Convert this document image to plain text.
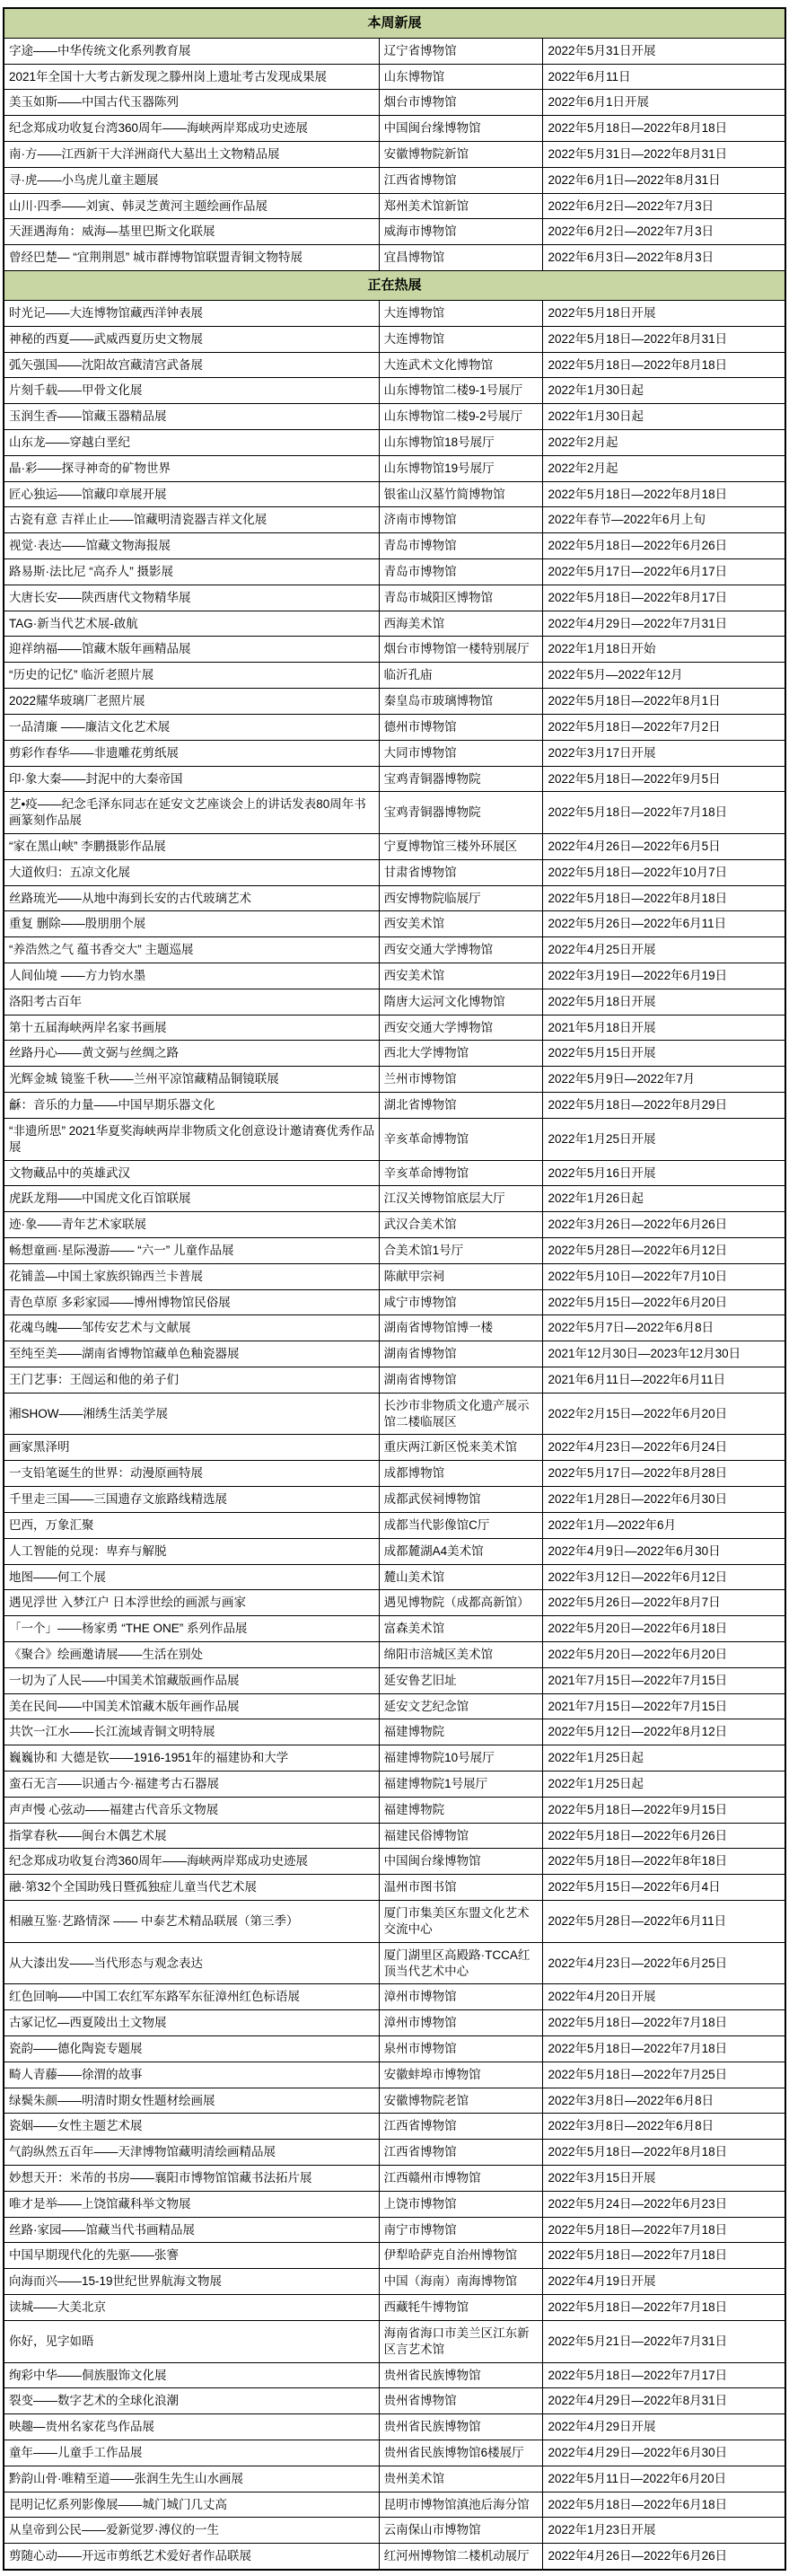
本周新展		
字途——中华传统文化系列教育展	辽宁省博物馆	2022年5月31日开展
2021年全国十大考古新发现之滕州岗上遗址考古发现成果展	山东博物馆	2022年6月11日
美玉如斯——中国古代玉器陈列	烟台市博物馆	2022年6月1日开展
纪念郑成功收复台湾360周年——海峡两岸郑成功史迹展	中国闽台缘博物馆	2022年5月18日—2022年8月18日
南·方——江西新干大洋洲商代大墓出土文物精品展	安徽博物院新馆	2022年5月31日—2022年8月31日
寻·虎——小鸟虎儿童主题展	江西省博物馆	2022年6月1日—2022年8月31日
山川·四季——刘寅、韩灵芝黄河主题绘画作品展	郑州美术馆新馆	2022年6月2日—2022年7月3日
天涯遇海角：威海—基里巴斯文化联展	威海市博物馆	2022年6月2日—2022年7月3日
曾经巴楚— “宜荆荆恩” 城市群博物馆联盟青铜文物特展	宜昌博物馆	2022年6月3日—2022年8月3日
正在热展		
时光记——大连博物馆藏西洋钟表展	大连博物馆	2022年5月18日开展
神秘的西夏——武威西夏历史文物展	大连博物馆	2022年5月18日—2022年8月31日
弧矢强国——沈阳故宫藏清宫武备展	大连武术文化博物馆	2022年5月18日—2022年8月18日
片刻千载——甲骨文化展	山东博物馆二楼9-1号展厅	2022年1月30日起
玉润生香——馆藏玉器精品展	山东博物馆二楼9-2号展厅	2022年1月30日起
山东龙——穿越白垩纪	山东博物馆18号展厅	2022年2月起
晶·彩——探寻神奇的矿物世界	山东博物馆19号展厅	2022年2月起
匠心独运——馆藏印章展开展	银雀山汉墓竹简博物馆	2022年5月18日—2022年8月18日
古瓷有意 吉祥止止——馆藏明清瓷器吉祥文化展	济南市博物馆	2022年春节—2022年6月上旬
视觉·表达——馆藏文物海报展	青岛市博物馆	2022年5月18日—2022年6月26日
路易斯·法比尼 “高乔人” 摄影展	青岛市博物馆	2022年5月17日—2022年6月17日
大唐长安——陕西唐代文物精华展	青岛市城阳区博物馆	2022年5月18日—2022年8月17日
TAG·新当代艺术展-啟航	西海美术馆	2022年4月29日—2022年7月31日
迎祥纳福——馆藏木版年画精品展	烟台市博物馆一楼特别展厅	2022年1月18日开始
“历史的记忆” 临沂老照片展	临沂孔庙	2022年5月—2022年12月
2022耀华玻璃厂老照片展	秦皇岛市玻璃博物馆	2022年5月18日—2022年8月1日
一品清廉 ——廉洁文化艺术展	德州市博物馆	2022年5月18日—2022年7月2日
剪彩作春华——非遗雕花剪纸展	大同市博物馆	2022年3月17日开展
印·象大秦——封泥中的大秦帝国	宝鸡青铜器博物院	2022年5月18日—2022年9月5日
艺•疫——纪念毛泽东同志在延安文艺座谈会上的讲话发表80周年书画篆刻作品展	宝鸡青铜器博物院	2022年5月18日—2022年7月18日
“家在黑山峡” 李鹏摄影作品展	宁夏博物馆三楼外环展区	2022年4月26日—2022年6月5日
大道攸归：五凉文化展	甘肃省博物馆	2022年5月18日—2022年10月7日
丝路琉光——从地中海到长安的古代玻璃艺术	西安博物院临展厅	2022年5月18日—2022年8月18日
重复 删除——殷朋朋个展	西安美术馆	2022年5月26日—2022年6月11日
“养浩然之气 蕴书香交大” 主题巡展	西安交通大学博物馆	2022年4月25日开展
人间仙境 ——方力钧水墨	西安美术馆	2022年3月19日—2022年6月19日
洛阳考古百年	隋唐大运河文化博物馆	2022年5月18日开展
第十五届海峡两岸名家书画展	西安交通大学博物馆	2021年5月18日开展
丝路丹心——黄文弼与丝绸之路	西北大学博物馆	2022年5月15日开展
光辉金城 镜鉴千秋——兰州平凉馆藏精品铜镜联展	兰州市博物馆	2022年5月9日—2022年7月
龢：音乐的力量——中国早期乐器文化	湖北省博物馆	2022年5月18日—2022年8月29日
“非遗所思” 2021华夏奖海峡两岸非物质文化创意设计邀请赛优秀作品展	辛亥革命博物馆	2022年1月25日开展
文物藏品中的英雄武汉	辛亥革命博物馆	2022年5月16日开展
虎跃龙翔——中国虎文化百馆联展	江汉关博物馆底层大厅	2022年1月26日起
迹·象——青年艺术家联展	武汉合美术馆	2022年3月26日—2022年6月26日
畅想童画·星际漫游—— “六一” 儿童作品展	合美术馆1号厅	2022年5月28日—2022年6月12日
花铺盖—中国土家族织锦西兰卡普展	陈献甲宗祠	2022年5月10日—2022年7月10日
青色草原 多彩家园——博州博物馆民俗展	咸宁市博物馆	2022年5月15日—2022年6月20日
花魂鸟魄——邹传安艺术与文献展	湖南省博物馆博一楼	2022年5月7日—2022年6月8日
至纯至美——湖南省博物馆藏单色釉瓷器展	湖南省博物馆	2021年12月30日—2023年12月30日
王门艺事：王闿运和他的弟子们	湖南省博物馆	2021年6月11日—2022年6月11日
湘SHOW——湘绣生活美学展	长沙市非物质文化遗产展示馆二楼临展区	2022年2月15日—2022年6月20日
画家黑泽明	重庆两江新区悦来美术馆	2022年4月23日—2022年6月24日
一支铅笔诞生的世界：动漫原画特展	成都博物馆	2022年5月17日—2022年8月28日
千里走三国——三国遗存文旅路线精选展	成都武侯祠博物馆	2022年1月28日—2022年6月30日
巴西，万象汇聚	成都当代影像馆C厅	2022年1月—2022年6月
人工智能的兑现：卑弃与解脱	成都麓湖A4美术馆	2022年4月9日—2022年6月30日
地图——何工个展	麓山美术馆	2022年3月12日—2022年6月12日
遇见浮世 入梦江户 日本浮世绘的画派与画家	遇见博物院（成都高新馆）	2022年5月26日—2022年8月7日
「一个」——杨家勇 “THE ONE” 系列作品展	富森美术馆	2022年5月20日—2022年6月18日
《聚合》绘画邀请展——生活在别处	绵阳市涪城区美术馆	2022年5月20日—2022年6月20日
一切为了人民——中国美术馆藏版画作品展	延安鲁艺旧址	2021年7月15日—2022年7月15日
美在民间——中国美术馆藏木版年画作品展	延安文艺纪念馆	2021年7月15日—2022年7月15日
共饮一江水——长江流域青铜文明特展	福建博物院	2022年5月12日—2022年8月12日
巍巍协和 大德是钦——1916-1951年的福建协和大学	福建博物院10号展厅	2022年1月25日起
蛮石无言——识通古今·福建考古石器展	福建博物院1号展厅	2022年1月25日起
声声慢 心弦动——福建古代音乐文物展	福建博物院	2022年5月18日—2022年9月15日
指掌春秋——闽台木偶艺术展	福建民俗博物馆	2022年5月18日—2022年6月26日
纪念郑成功收复台湾360周年——海峡两岸郑成功史迹展	中国闽台缘博物馆	2022年5月18日—2022年8年18日
融·第32个全国助残日暨孤独症儿童当代艺术展	温州市图书馆	2022年5月15日—2022年6月4日
相融互鉴·艺路情深 —— 中泰艺术精品联展（第三季）	厦门市集美区东盟文化艺术交流中心	2022年5月28日—2022年6月11日
从大漆出发——当代形态与观念表达	厦门湖里区高殿路·TCCA红顶当代艺术中心	2022年4月23日—2022年6月25日
红色回响——中国工农红军东路军东征漳州红色标语展	漳州市博物馆	2022年4月20日开展
古冢记忆—西夏陵出土文物展	漳州市博物馆	2022年5月18日—2022年7月18日
瓷韵——德化陶瓷专题展	泉州市博物馆	2022年5月18日—2022年7月18日
畸人青藤——徐渭的故事	安徽蚌埠市博物馆	2022年5月18日—2022年7月25日
绿鬓朱颜——明清时期女性题材绘画展	安徽博物院老馆	2022年3月8日—2022年6月8日
瓷姻——女性主题艺术展	江西省博物馆	2022年3月8日—2022年6月8日
气韵纵然五百年——天津博物馆藏明清绘画精品展	江西省博物馆	2022年5月18日—2022年8月18日
妙想天开：米芾的书房——襄阳市博物馆馆藏书法拓片展	江西赣州市博物馆	2022年3月15日开展
唯才是举——上饶馆藏科举文物展	上饶市博物馆	2022年5月24日—2022年6月23日
丝路·家园——馆藏当代书画精品展	南宁市博物馆	2022年5月18日—2022年7月18日
中国早期现代化的先驱——张謇	伊犁哈萨克自治州博物馆	2022年5月18日—2022年7月18日
向海而兴——15-19世纪世界航海文物展	中国（海南）南海博物馆	2022年4月19日开展
读城——大美北京	西藏牦牛博物馆	2022年5月18日—2022年7月18日
你好，见字如晤	海南省海口市美兰区江东新区言艺术馆	2022年5月21日—2022年7月31日
绚彩中华——侗族服饰文化展	贵州省民族博物馆	2022年5月18日—2022年7月17日
裂变——数字艺术的全球化浪潮	贵州省博物馆	2022年4月29日—2022年8月31日
映趣—贵州名家花鸟作品展	贵州省民族博物馆	2022年4月29日开展
童年——儿童手工作品展	贵州省民族博物馆6楼展厅	2022年4月29日—2022年6月30日
黔韵山骨·唯精至道——张润生先生山水画展	贵州美术馆	2022年5月11日—2022年6月20日
昆明记忆系列影像展——城门城门几丈高	昆明市博物馆滇池后海分馆	2022年5月18日—2022年6月18日
从皇帝到公民——爱新觉罗·溥仪的一生	云南保山市博物馆	2022年1月23日开展
剪随心动——开远市剪纸艺术爱好者作品联展	红河州博物馆二楼机动展厅	2022年4月26日—2022年6月26日
